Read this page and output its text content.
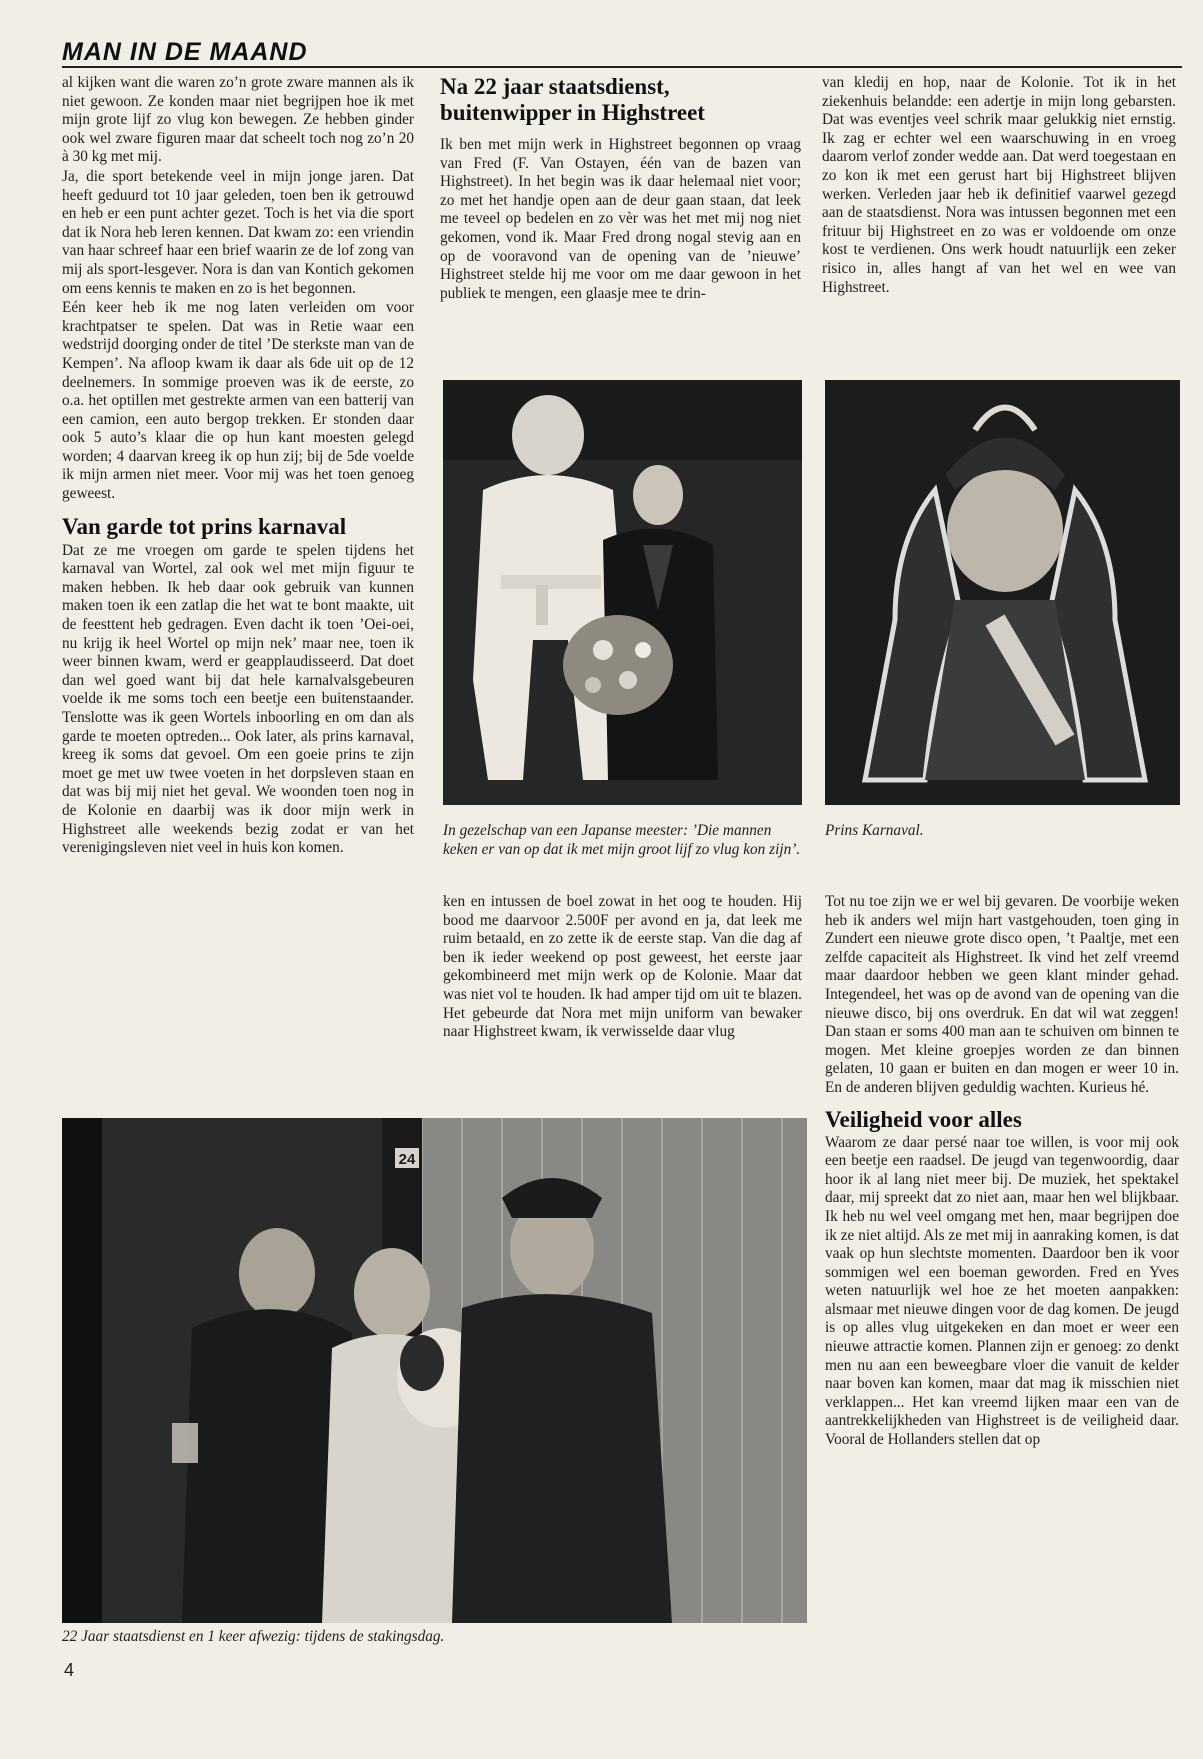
MAN IN DE MAAND

al kijken want die waren zo’n grote zware mannen als ik niet gewoon. Ze konden maar niet begrijpen hoe ik met mijn grote lijf zo vlug kon bewegen. Ze hebben ginder ook wel zware figuren maar dat scheelt toch nog zo’n 20 à 30 kg met mij.

Ja, die sport betekende veel in mijn jonge jaren. Dat heeft geduurd tot 10 jaar geleden, toen ben ik getrouwd en heb er een punt achter gezet. Toch is het via die sport dat ik Nora heb leren kennen. Dat kwam zo: een vriendin van haar schreef haar een brief waarin ze de lof zong van mij als sport-lesgever. Nora is dan van Kontich gekomen om eens kennis te maken en zo is het begonnen.

Eén keer heb ik me nog laten verleiden om voor krachtpatser te spelen. Dat was in Retie waar een wedstrijd doorging onder de titel ’De sterkste man van de Kempen’. Na afloop kwam ik daar als 6de uit op de 12 deelnemers. In sommige proeven was ik de eerste, zo o.a. het optillen met gestrekte armen van een batterij van een camion, een auto bergop trekken. Er stonden daar ook 5 auto’s klaar die op hun kant moesten gelegd worden; 4 daarvan kreeg ik op hun zij; bij de 5de voelde ik mijn armen niet meer. Voor mij was het toen genoeg geweest.

Van garde tot prins karnaval

Dat ze me vroegen om garde te spelen tijdens het karnaval van Wortel, zal ook wel met mijn figuur te maken hebben. Ik heb daar ook gebruik van kunnen maken toen ik een zatlap die het wat te bont maakte, uit de feesttent heb gedragen. Even dacht ik toen ’Oei-oei, nu krijg ik heel Wortel op mijn nek’ maar nee, toen ik weer binnen kwam, werd er geapplaudisseerd. Dat doet dan wel goed want bij dat hele karnalvalsgebeuren voelde ik me soms toch een beetje een buitenstaander. Tenslotte was ik geen Wortels inboorling en om dan als garde te moeten optreden... Ook later, als prins karnaval, kreeg ik soms dat gevoel. Om een goeie prins te zijn moet ge met uw twee voeten in het dorpsleven staan en dat was bij mij niet het geval. We woonden toen nog in de Kolonie en daarbij was ik door mijn werk in Highstreet alle weekends bezig zodat er van het verenigingsleven niet veel in huis kon komen.

Na 22 jaar staatsdienst, buitenwipper in Highstreet

Ik ben met mijn werk in Highstreet begonnen op vraag van Fred (F. Van Ostayen, één van de bazen van Highstreet). In het begin was ik daar helemaal niet voor; zo met het handje open aan de deur gaan staan, dat leek me teveel op bedelen en zo vèr was het met mij nog niet gekomen, vond ik. Maar Fred drong nogal stevig aan en op de vooravond van de opening van de ’nieuwe’ Highstreet stelde hij me voor om me daar gewoon in het publiek te mengen, een glaasje mee te drin-

In gezelschap van een Japanse meester: ’Die mannen keken er van op dat ik met mijn groot lijf zo vlug kon zijn’.

ken en intussen de boel zowat in het oog te houden. Hij bood me daarvoor 2.500F per avond en ja, dat leek me ruim betaald, en zo zette ik de eerste stap. Van die dag af ben ik ieder weekend op post geweest, het eerste jaar gekombineerd met mijn werk op de Kolonie. Maar dat was niet vol te houden. Ik had amper tijd om uit te blazen. Het gebeurde dat Nora met mijn uniform van bewaker naar Highstreet kwam, ik verwisselde daar vlug

van kledij en hop, naar de Kolonie. Tot ik in het ziekenhuis belandde: een adertje in mijn long gebarsten. Dat was eventjes veel schrik maar gelukkig niet ernstig. Ik zag er echter wel een waarschuwing in en vroeg daarom verlof zonder wedde aan. Dat werd toegestaan en zo kon ik met een gerust hart bij Highstreet blijven werken. Verleden jaar heb ik definitief vaarwel gezegd aan de staatsdienst. Nora was intussen begonnen met een frituur bij Highstreet en zo was er voldoende om onze kost te verdienen. Ons werk houdt natuurlijk een zeker risico in, alles hangt af van het wel en wee van Highstreet.

Prins Karnaval.

Tot nu toe zijn we er wel bij gevaren. De voorbije weken heb ik anders wel mijn hart vastgehouden, toen ging in Zundert een nieuwe grote disco open, ’t Paaltje, met een zelfde capaciteit als Highstreet. Ik vind het zelf vreemd maar daardoor hebben we geen klant minder gehad. Integendeel, het was op de avond van de opening van die nieuwe disco, bij ons overdruk. En dat wil wat zeggen! Dan staan er soms 400 man aan te schuiven om binnen te mogen. Met kleine groepjes worden ze dan binnen gelaten, 10 gaan er buiten en dan mogen er weer 10 in. En de anderen blijven geduldig wachten. Kurieus hé.

Veiligheid voor alles

Waarom ze daar persé naar toe willen, is voor mij ook een beetje een raadsel. De jeugd van tegenwoordig, daar hoor ik al lang niet meer bij. De muziek, het spektakel daar, mij spreekt dat zo niet aan, maar hen wel blijkbaar. Ik heb nu wel veel omgang met hen, maar begrijpen doe ik ze niet altijd. Als ze met mij in aanraking komen, is dat vaak op hun slechtste momenten. Daardoor ben ik voor sommigen wel een boeman geworden. Fred en Yves weten natuurlijk wel hoe ze het moeten aanpakken: alsmaar met nieuwe dingen voor de dag komen. De jeugd is op alles vlug uitgekeken en dan moet er weer een nieuwe attractie komen. Plannen zijn er genoeg: zo denkt men nu aan een beweegbare vloer die vanuit de kelder naar boven kan komen, maar dat mag ik misschien niet verklappen... Het kan vreemd lijken maar een van de aantrekkelijkheden van Highstreet is de veiligheid daar. Vooral de Hollanders stellen dat op

24
22 Jaar staatsdienst en 1 keer afwezig: tijdens de stakingsdag.
4
